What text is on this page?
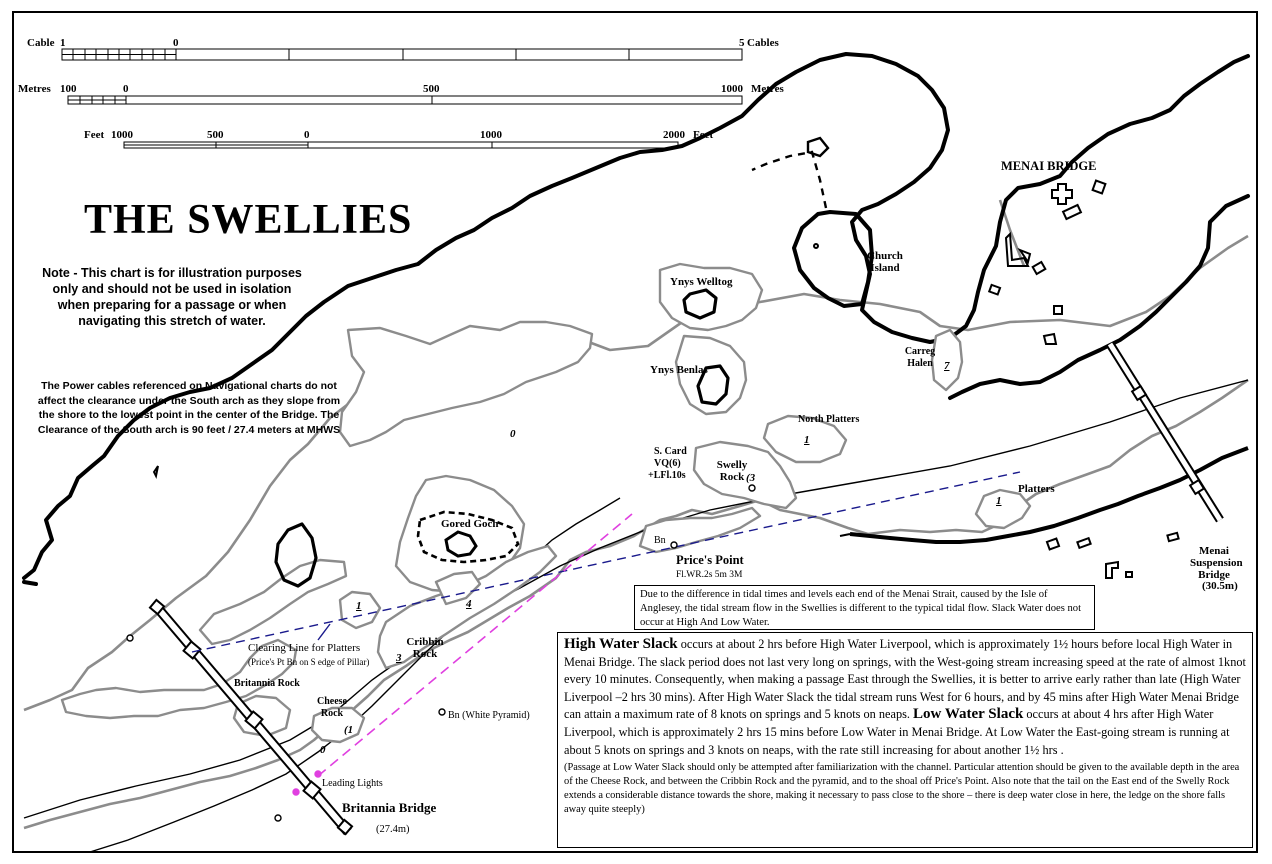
Cable 1	0	5 Cables
Metres 100	0	500	1000 Metres
Feet 1000	500	0	1000	2000 Feet
THE SWELLIES
Note - This chart is for illustration purposes only and should not be used in isolation when preparing for a passage or when navigating this stretch of water.
The Power cables referenced on Navigational charts do not affect the clearance under the South arch as they slope from the shore to the lowest point in the center of the Bridge. The Clearance of the South arch is 90 feet / 27.4 meters at MHWS
MENAI BRIDGE
Church Island
Ynys Welltog
Ynys Benlas
Carreg Halen	7
North Platters
1
S. Card
VQ(6)
+LFl.10s
Swelly Rock (3
Platters
1
Gored Goch
Bn
Price's Point
Fl.WR.2s 5m 3M
Menai Suspension Bridge
(30.5m)
Clearing Line for Platters
(Price's Pt Bn on S edge of Pillar)
1	4
0
Cribbin Rock
3
Britannia Rock
Cheese Rock
(1
0
Bn (White Pyramid)
Leading Lights
Britannia Bridge
(27.4m)
Due to the difference in tidal times and levels each end of the Menai Strait, caused by the Isle of Anglesey, the tidal stream flow in the Swellies is different to the typical tidal flow. Slack Water does not occur at High And Low Water.
High Water Slack occurs at about 2 hrs before High Water Liverpool, which is approximately 1½ hours before local High Water in Menai Bridge. The slack period does not last very long on springs, with the West-going stream increasing speed at the rate of almost 1knot every 10 minutes. Consequently, when making a passage East through the Swellies, it is better to arrive early rather than late (High Water Liverpool –2 hrs 30 mins). After High Water Slack the tidal stream runs West for 6 hours, and by 45 mins after High Water Menai Bridge can attain a maximum rate of 8 knots on springs and 5 knots on neaps. Low Water Slack occurs at about 4 hrs after High Water Liverpool, which is approximately 2 hrs 15 mins before Low Water in Menai Bridge. At Low Water the East-going stream is running at about 5 knots on springs and 3 knots on neaps, with the rate still increasing for about another 1½ hrs .
(Passage at Low Water Slack should only be attempted after familiarization with the channel. Particular attention should be given to the available depth in the area of the Cheese Rock, and between the Cribbin Rock and the pyramid, and to the shoal off Price's Point. Also note that the tail on the East end of the Swelly Rock extends a considerable distance towards the shore, making it necessary to pass close to the shore – there is deep water close in here, the ledge on the shore falls away quite steeply)
